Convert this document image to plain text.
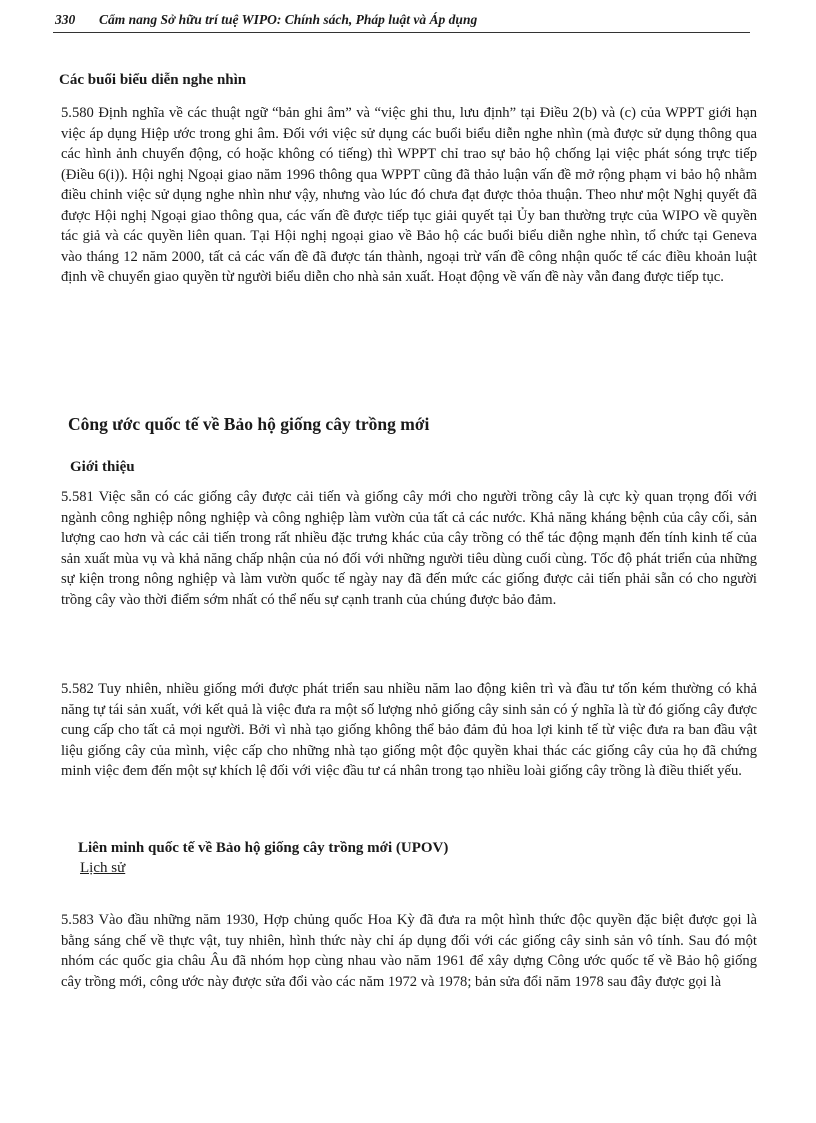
330 Cẩm nang Sở hữu trí tuệ WIPO: Chính sách, Pháp luật và Áp dụng
Các buổi biểu diễn nghe nhìn

5.580 Định nghĩa về các thuật ngữ “bản ghi âm” và “việc ghi thu, lưu định” tại Điều 2(b) và (c) của WPPT giới hạn việc áp dụng Hiệp ước trong ghi âm. Đối với việc sử dụng các buổi biểu diễn nghe nhìn (mà được sử dụng thông qua các hình ảnh chuyển động, có hoặc không có tiếng) thì WPPT chỉ trao sự bảo hộ chống lại việc phát sóng trực tiếp (Điều 6(i)). Hội nghị Ngoại giao năm 1996 thông qua WPPT cũng đã thảo luận vấn đề mở rộng phạm vi bảo hộ nhằm điều chỉnh việc sử dụng nghe nhìn như vậy, nhưng vào lúc đó chưa đạt được thỏa thuận. Theo như một Nghị quyết đã được Hội nghị Ngoại giao thông qua, các vấn đề được tiếp tục giải quyết tại Ủy ban thường trực của WIPO về quyền tác giả và các quyền liên quan. Tại Hội nghị ngoại giao về Bảo hộ các buổi biểu diễn nghe nhìn, tổ chức tại Geneva vào tháng 12 năm 2000, tất cả các vấn đề đã được tán thành, ngoại trừ vấn đề công nhận quốc tế các điều khoản luật định về chuyển giao quyền từ người biểu diễn cho nhà sản xuất. Hoạt động về vấn đề này vẫn đang được tiếp tục.

Công ước quốc tế về Bảo hộ giống cây trồng mới
Giới thiệu

5.581 Việc sẵn có các giống cây được cải tiến và giống cây mới cho người trồng cây là cực kỳ quan trọng đối với ngành công nghiệp nông nghiệp và công nghiệp làm vườn của tất cả các nước. Khả năng kháng bệnh của cây cối, sản lượng cao hơn và các cải tiến trong rất nhiều đặc trưng khác của cây trồng có thể tác động mạnh đến tính kinh tế của sản xuất mùa vụ và khả năng chấp nhận của nó đối với những người tiêu dùng cuối cùng. Tốc độ phát triển của những sự kiện trong nông nghiệp và làm vườn quốc tế ngày nay đã đến mức các giống được cải tiến phải sẵn có cho người trồng cây vào thời điểm sớm nhất có thể nếu sự cạnh tranh của chúng được bảo đảm.

5.582 Tuy nhiên, nhiều giống mới được phát triển sau nhiều năm lao động kiên trì và đầu tư tốn kém thường có khả năng tự tái sản xuất, với kết quả là việc đưa ra một số lượng nhỏ giống cây sinh sản có ý nghĩa là từ đó giống cây được cung cấp cho tất cả mọi người. Bởi vì nhà tạo giống không thể bảo đảm đủ hoa lợi kinh tế từ việc đưa ra ban đầu vật liệu giống cây của mình, việc cấp cho những nhà tạo giống một độc quyền khai thác các giống cây của họ đã chứng minh việc đem đến một sự khích lệ đối với việc đầu tư cá nhân trong tạo nhiều loài giống cây trồng là điều thiết yếu.

Liên minh quốc tế về Bảo hộ giống cây trồng mới (UPOV)

Lịch sử

5.583 Vào đầu những năm 1930, Hợp chủng quốc Hoa Kỳ đã đưa ra một hình thức độc quyền đặc biệt được gọi là bằng sáng chế về thực vật, tuy nhiên, hình thức này chỉ áp dụng đối với các giống cây sinh sản vô tính. Sau đó một nhóm các quốc gia châu Âu đã nhóm họp cùng nhau vào năm 1961 để xây dựng Công ước quốc tế về Bảo hộ giống cây trồng mới, công ước này được sửa đổi vào các năm 1972 và 1978; bản sửa đổi năm 1978 sau đây được gọi là
